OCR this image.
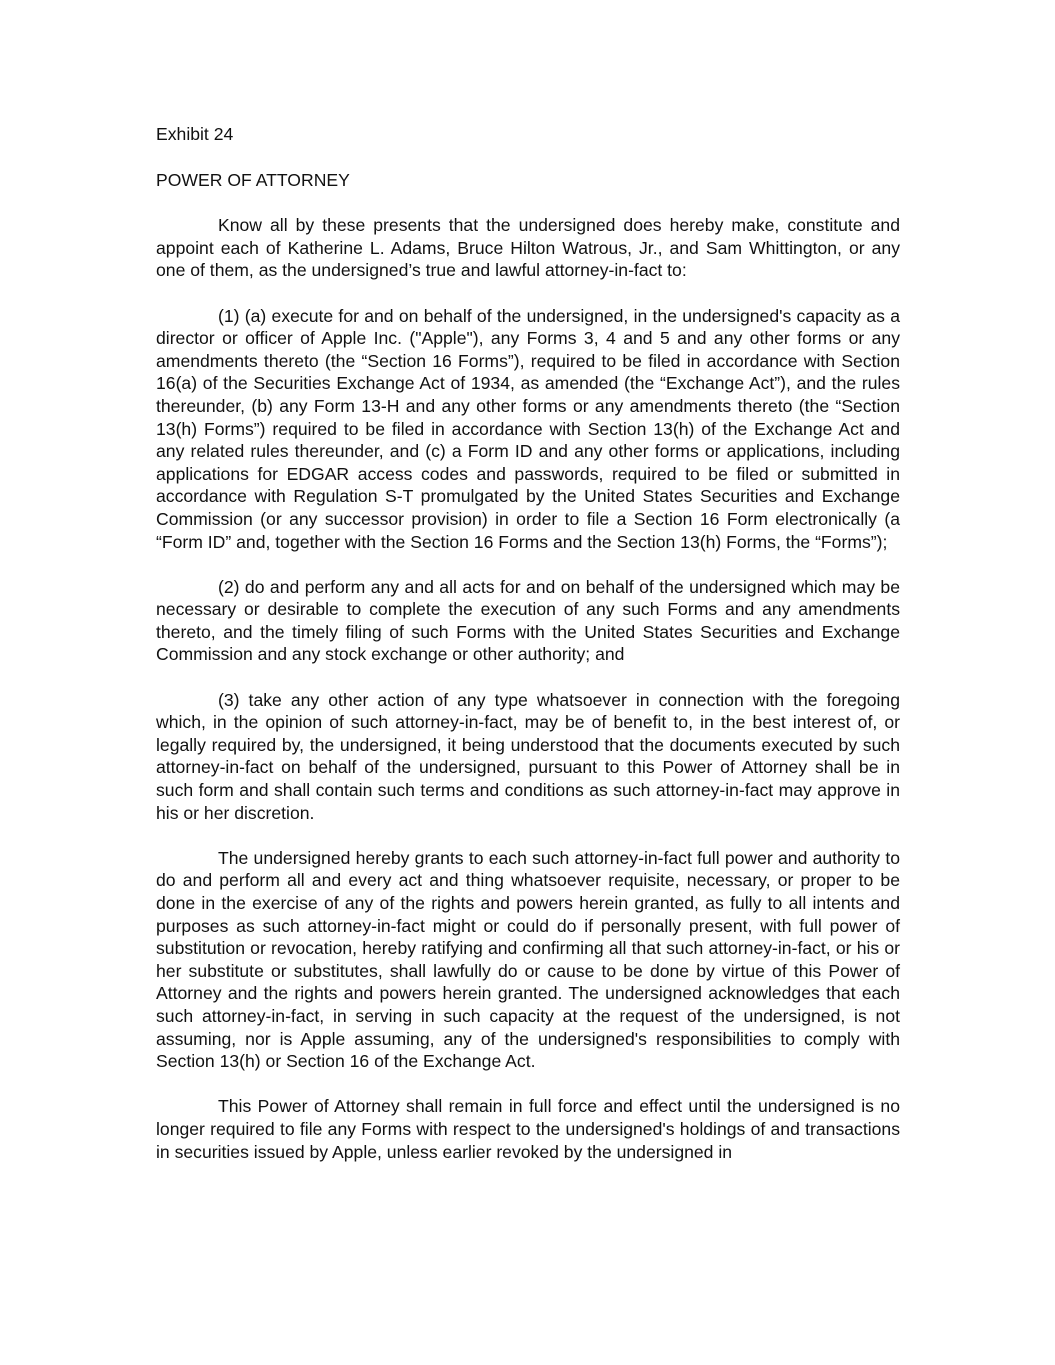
Exhibit 24

POWER OF ATTORNEY

Know all by these presents that the undersigned does hereby make, constitute and appoint each of Katherine L. Adams, Bruce Hilton Watrous, Jr., and Sam Whittington, or any one of them, as the undersigned’s true and lawful attorney-in-fact to:

(1) (a) execute for and on behalf of the undersigned, in the undersigned's capacity as a director or officer of Apple Inc. ("Apple"), any Forms 3, 4 and 5 and any other forms or any amendments thereto (the “Section 16 Forms”), required to be filed in accordance with Section 16(a) of the Securities Exchange Act of 1934, as amended (the “Exchange Act”), and the rules thereunder, (b) any Form 13-H and any other forms or any amendments thereto (the “Section 13(h) Forms”) required to be filed in accordance with Section 13(h) of the Exchange Act and any related rules thereunder, and (c) a Form ID and any other forms or applications, including applications for EDGAR access codes and passwords, required to be filed or submitted in accordance with Regulation S-T promulgated by the United States Securities and Exchange Commission (or any successor provision) in order to file a Section 16 Form electronically (a “Form ID” and, together with the Section 16 Forms and the Section 13(h) Forms, the “Forms”);

(2) do and perform any and all acts for and on behalf of the undersigned which may be necessary or desirable to complete the execution of any such Forms and any amendments thereto, and the timely filing of such Forms with the United States Securities and Exchange Commission and any stock exchange or other authority; and

(3) take any other action of any type whatsoever in connection with the foregoing which, in the opinion of such attorney-in-fact, may be of benefit to, in the best interest of, or legally required by, the undersigned, it being understood that the documents executed by such attorney-in-fact on behalf of the undersigned, pursuant to this Power of Attorney shall be in such form and shall contain such terms and conditions as such attorney-in-fact may approve in his or her discretion.

The undersigned hereby grants to each such attorney-in-fact full power and authority to do and perform all and every act and thing whatsoever requisite, necessary, or proper to be done in the exercise of any of the rights and powers herein granted, as fully to all intents and purposes as such attorney-in-fact might or could do if personally present, with full power of substitution or revocation, hereby ratifying and confirming all that such attorney-in-fact, or his or her substitute or substitutes, shall lawfully do or cause to be done by virtue of this Power of Attorney and the rights and powers herein granted. The undersigned acknowledges that each such attorney-in-fact, in serving in such capacity at the request of the undersigned, is not assuming, nor is Apple assuming, any of the undersigned's responsibilities to comply with Section 13(h) or Section 16 of the Exchange Act.

This Power of Attorney shall remain in full force and effect until the undersigned is no longer required to file any Forms with respect to the undersigned's holdings of and transactions in securities issued by Apple, unless earlier revoked by the undersigned in
